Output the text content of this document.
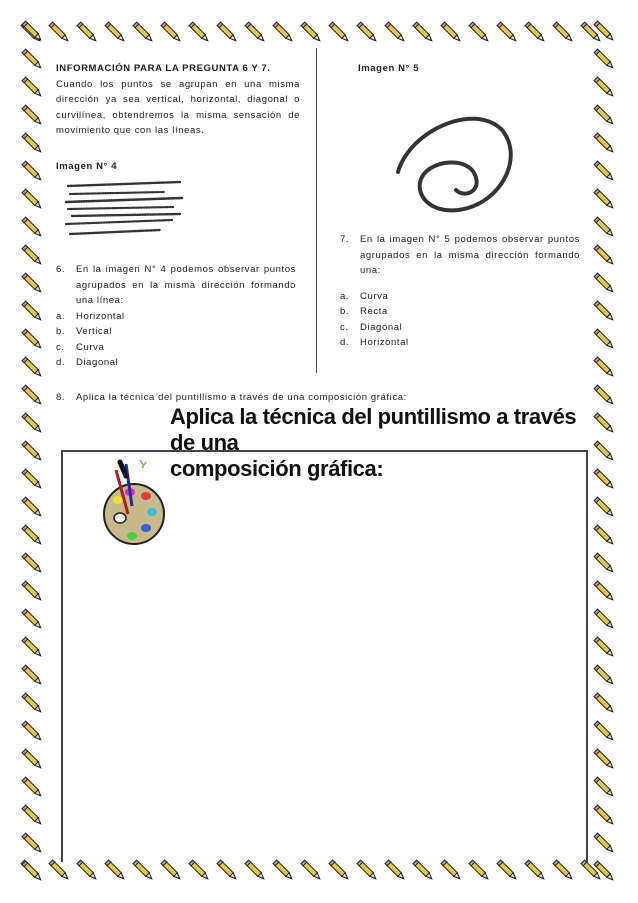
INFORMACIÓN PARA LA PREGUNTA 6 Y 7.

Cuando los puntos se agrupan en una misma dirección ya sea vertical, horizontal, diagonal o curvilínea, obtendremos la misma sensación de movimiento que con las líneas.

Imagen N° 4

Imagen N° 5

6. En la imagen N° 4 podemos observar puntos agrupados en la misma dirección formando una línea:
a. Horizontal
b. Vertical
c. Curva
d. Diagonal
7. En la imagen N° 5 podemos observar puntos agrupados en la misma dirección formando una:
a. Curva
b. Recta
c. Diagonal
d. Horizontal
8. Aplica la técnica del puntillismo a través de una composición gráfica:
Aplica la técnica del puntillismo a través de una
composición gráfica:
